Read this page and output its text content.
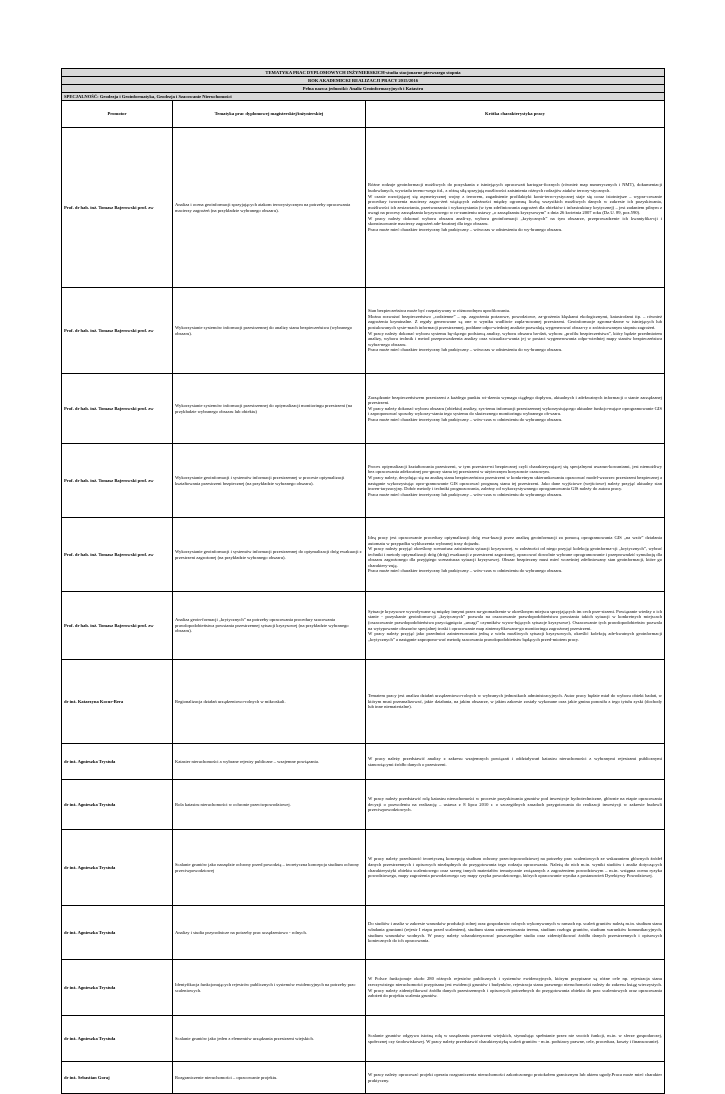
TEMATYKA PRAC DYPLOMOWYCH INŻYNIERSKICH-studia stacjonarne pierwszego stopnia		
ROK AKADEMICKI REALIZACJI PRACY 2015/2016		
Pełna nazwa jednostki: Analiz Geoinformacyjnych i Katastru		
SPECJALNOŚĆ: Geodezja i Geoinformatyka, Geodezja i Szacowanie Nieruchomości		
Promotor	Tematyka prac dyplomowej magisterskiej/inżynierskiej	Krótka charakterystyka pracy
Prof. dr hab. inż. Tomasz Bajerowski prof. zw	Analiza i ocena geoinformacji sprzyjających atakom terrorystycznym na potrzeby opracowania macierzy zagrożeń (na przykładzie wybranego obszaru).	Różne rodzaje geoinformacji możliwych do pozyskania z istniejących opracowań kartogra-ficznych (również map numerycznych i NMT), dokumentacji budowlanych, wywiadu tereno-wego itd., z różną siłą sprzyjają możliwości zaistnienia różnych rodzajów ataków terrory-stycznych.

W czasie rozwijającej się asymetrycznej wojny z terrorem, zagadnienie profilaktyki kontr-terro-rystycznej staje się coraz istotniejsze – wypra-cowanie procedury tworzenia macierzy zagro-żeń wiążących zależności między ogromną liczbą wszystkich możliwych danych w zakresie ich pozyskiwania, możliwości ich zestawiania, przetwarzania i wykorzystania (w tym zdefiniowania zagrożeń dla obiektów i infrastruktury krytycznej) – jest zadaniem pilnym z uwagi na procesy zarządzania kryzysowego w ro-zumieniu ustawy „o zarządzaniu kryzysowym” z dnia 26 kwietnia 2007 roku (Dz.U. 89, poz.590).

W pracy należy dokonać wyboru obszaru anali-zy, wyboru geoinformacji „krytycznych” na tym obszarze, przeprowadzenie ich kwantyfika-cji i skonstruowanie macierzy zagrożeń ade-kwatnej dla tego obszaru.

Praca może mieć charakter teoretyczny lub praktyczny – wówczas w odniesieniu do wy-branego obszaru.

Prof. dr hab. inż. Tomasz Bajerowski prof. zw	Wykorzystanie systemów informacji przestrzennej do analizy stanu bezpieczeństwa (wybranego obszaru).	Stan bezpieczeństwa może być rozpatrywany w różnorodnym uprofilowaniu.

Można rozważać bezpieczeństwo „codzienne” – np. zagrożenia pożarowe, powodziowe, za-grożenia klęskami ekologicznymi, katastrofami itp. – również zagrożenia kryminalne. Z reguły generowane są one w wyniku wadliwie zapla-nowanej przestrzeni. Geoinformacje zgroma-dzone w istniejących lub postulowanych syste-mach informacji przestrzennej, poddane odpo-wiedniej analizie pozwalają wygenerować obsza-ry o zróżnicowanym stopniu zagrożeń.

W pracy należy dokonać wyboru systemu bę-dącego podstawą analizy, wyboru obszaru ba-dań, wyboru „profilu bezpieczeństwa”, który będzie przedmiotem analizy, wyboru technik i metod przeprowadzenia analizy oraz wizualizo-wania jej w postaci wygenerowania odpo-wiedniej mapy stanów bezpieczeństwa wybra-nego obszaru.

Praca może mieć charakter teoretyczny lub praktyczny – wówczas w odniesieniu do wy-branego obszaru.

Prof. dr hab. inż. Tomasz Bajerowski prof. zw	Wykorzystanie systemów informacji przestrzennej do optymalizacji monitoringu przestrzeni (na przykładzie wybranego obszaru lub obiektu)	Zarządzanie bezpieczeństwem przestrzeni z każdego punktu wi-dzenia wymaga ciągłego dopływu, aktualnych i adekwatnych informacji o stanie zarządzanej przestrzeni.

W pracy należy dokonać wyboru obszaru (obiektu) analizy, sys-temu informacji przestrzennej wykorzystującego aktualne funkcjo-nujące oprogramowanie GIS i zaproponować sposoby wykorzy-stania tego systemu do skutecznego monitoringu wybranego ob-szaru.

Praca może mieć charakter teoretyczny lub praktyczny – wów-czas w odniesieniu do wybranego obszaru.

Prof. dr hab. inż. Tomasz Bajerowski prof. zw	Wykorzystanie geoinformacji i systemów informacji przestrzennej w procesie optymalizacji kształtowania przestrzeni bezpiecznej (na przykładzie wybranego obszaru).	Proces optymalizacji kształtowania przestrzeni, w tym przestrze-ni bezpiecznej czyli charakteryzującej się specjalnymi uwarun-kowaniami, jest niemożliwy bez opracowania adekwatnej pro-gnozy stanu tej przestrzeni w użytecznym horyzoncie czasowym.

W pracy należy, decydując się na analizę stanu bezpieczeństwa przestrzeni w konkretnym ukierunkowaniu opracować model-wzorzec przestrzeni bezpiecznej a następnie wykorzystując opro-gramowanie GIS opracować prognozę stanu tej przestrzeni. Jako dane wyjściowe (wejściowe) należy przyjąć aktualny stan inwen-taryzacyjny. Dobór metody i techniki prognozowania, zależny od wykorzystywanego oprogramowania GIS należy do autora pracy.

Praca może mieć charakter teoretyczny lub praktyczny – wów-czas w odniesieniu do wybranego obszaru.

Prof. dr hab. inż. Tomasz Bajerowski prof. zw	Wykorzystanie geoinformacji i systemów informacji przestrzennej do optymalizacji dróg ewakuacji z przestrzeni zagrożonej (na przykładzie wybranego obszaru).	Ideą pracy jest opracowanie procedury optymalizacji dróg ewa-kuacji przez analizę geoinformacji za pomocą oprogramowania GIS „na wzór” działania automatu w przypadku wykluczenia wybranej trasy dojazdu.

W pracy należy przyjąć określony scenariusz zaistnienia sytuacji kryzysowej, w zależności od niego przyjąć kolekcję geoinforma-cji „krytycznych”, wybrać techniki i metody optymalizacji dróg (dróg) ewakuacji z przestrzeni zagrożonej, opracować dowolnie wybrane oprogramowanie i przeprowadzić symulację dla obszaru zagrożonego dla przyjętego scenariusza sytuacji kryzysowej. Obszar bezpieczny musi mieć wcześniej zdefiniowany stan geoinformacji, które go charaktery-zują.

Praca może mieć charakter teoretyczny lub praktyczny – wów-czas w odniesieniu do wybranego obszaru.

Prof. dr hab. inż. Tomasz Bajerowski prof. zw	Analiza geoin-formacji „krytycznych” na potrzeby opracowania procedury szacowania prawdopodobieństwa powstania przestrzennej sytuacji kryzysowej (na przykładzie wybranego obszaru).	Sytuacje kryzysowe wywoływane są między innymi przez na-gromadzenie w określonym miejscu sprzyjających im cech prze-strzeni. Powiązanie wiedzy o ich stanie - pozyskanie geoinforma-cji „krytycznych” pozwala na oszacowanie prawdopodobieństwa powstania takich sytuacji w konkretnych miejscach (oszacowanie prawdopodobieństwa przyciągnięcia „uwagi” czynników wywo-łujących sytuacje kryzysowe). Oszacowanie tych prawdopodobieństw pozwala na wytypowanie obszarów specjalnej troski i opracowanie map zintensyfikowane-go monitoringu zagrożonej przestrzeni.

W pracy należy przyjąć jako przedmiot zainteresowania jedną z wielu możliwych sytuacji kryzysowych, określić kolekcję ade-kwatnych geoinformacji „krytycznych” a następnie zapropono-wać metodę szacowania prawdopodobieństw będących przed-miotem pracy.

dr inż. Katarzyna Kocur-Bera	Regionalizacja działań urządzeniowo-rolnych w mikroskali.	Tematem pracy jest analiza działań urządzeniowo-rolnych w wybranych jednostkach administracyjnych. Autor pracy będzie miał do wyboru obiekt badań, w którym musi przeanalizować, jakie działania, na jakim obszarze, w jakim zakresie zostały wykonane oraz jakie gmina ponosiła z tego tytułu zyski (dochody lub inne niematerialne).

dr inż. Agnieszka Trystuła	Kataster nieruchomości a wybrane rejestry publiczne – wzajemne powiązania.	W pracy należy przedstawić analizy z zakresu wzajemnych powiązań i oddziaływań katastru nieruchomości z wybranymi rejestrami publicznymi stanowiącymi źródło danych o przestrzeni.

dr inż. Agnieszka Trystuła	Rola katastru nieruchomości w ochronie przeciwpowodziowej.	W pracy należy przedstawić rolę katastru nieruchomości w procesie pozyskiwania gruntów pod inwestycje hydrotechniczne, głównie na etapie opracowania decyzji o pozwoleniu na realizację – ustawa z 8 lipca 2010 r. o szczególnych zasadach przygotowania do realizacji inwestycji w zakresie budowli przeciwpowodziowych.

dr inż. Agnieszka Trystuła	Scalanie gruntów jako narzędzie ochrony przed powodzią – teoretyczna koncepcja studium ochrony przeciwpowodziowej	W pracy należy przedstawić teoretyczną koncepcję studium ochrony przeciwpowodziowej na potrzeby prac scaleniowych ze wskazaniem głównych źródeł danych przestrzennych i opisowych niezbędnych do przygotowania tego rodzaju opracowania. Należą do nich m.in. wyniki studiów i analiz dotyczących charakterystyki obiektu scaleniowego oraz szereg innych materiałów tematycznie związanych z zagrożeniem powodziowym – m.in. wstępna ocena ryzyka powodziowego, mapy zagrożenia powodziowego czy mapy ryzyka powodziowego, których opracowanie wynika z postanowień Dyrektywy Powodziowej.

dr inż. Agnieszka Trystuła	Analizy i studia przyrodnicze na potrzeby prac urządzeniowo - rolnych.	Do studiów i analiz w zakresie warunków produkcji rolnej oraz gospodarstw rolnych wykonywanych w ramach np. scaleń gruntów należą m.in. studium stanu władania gruntami (rejestr I etapu przed scaleniem), studium stanu zainwestowania terenu, studium rozłogu gruntów, studium warunków komunikacyjnych, studium warunków wodnych. W pracy należy scharakteryzować poszczególne studia oraz zidentyfikować źródła danych przestrzennych i opisowych koniecznych do ich opracowania.

dr inż. Agnieszka Trystuła	Identyfikacja funkcjonujących rejestrów publicznych i systemów ewidencyjnych na potrzeby prac scaleniowych.	W Polsce funkcjonuje około 280 różnych rejestrów publicznych i systemów ewidencyjnych, którym przypisane są różne cele np. rejestracja stanu rzeczywistego nieruchomości przypisana jest ewidencji gruntów i budynków, rejestracja stanu prawnego nieruchomości należy do zakresu ksiąg wieczystych. W pracy należy zidentyfikować źródła danych przestrzennych i opisowych potrzebnych do przygotowania obiektu do prac scaleniowych oraz opracowania założeń do projektu scalenia gruntów.

dr inż. Agnieszka Trystuła	Scalanie gruntów jako jeden z elementów urządzania przestrzeni wiejskich.	Scalanie gruntów odgrywa istotną rolę w urządzaniu przestrzeni wiejskich, stymulując spełnianie przez nie swoich funkcji, m.in. w sferze gospodarczej, społecznej czy środowiskowej. W pracy należy przedstawić charakterystykę scaleń gruntów - m.in. podstawy prawne, cele, procedura, koszty i finansowanie).

dr inż. Sebastian Goraj	Rozgraniczenie nieruchomości – opracowanie projektu.	W pracy należy opracować projekt operatu rozgraniczenia nieruchomości zakończonego protokołem granicznym lub aktem ugody.Praca może mieć charakter praktyczny.
